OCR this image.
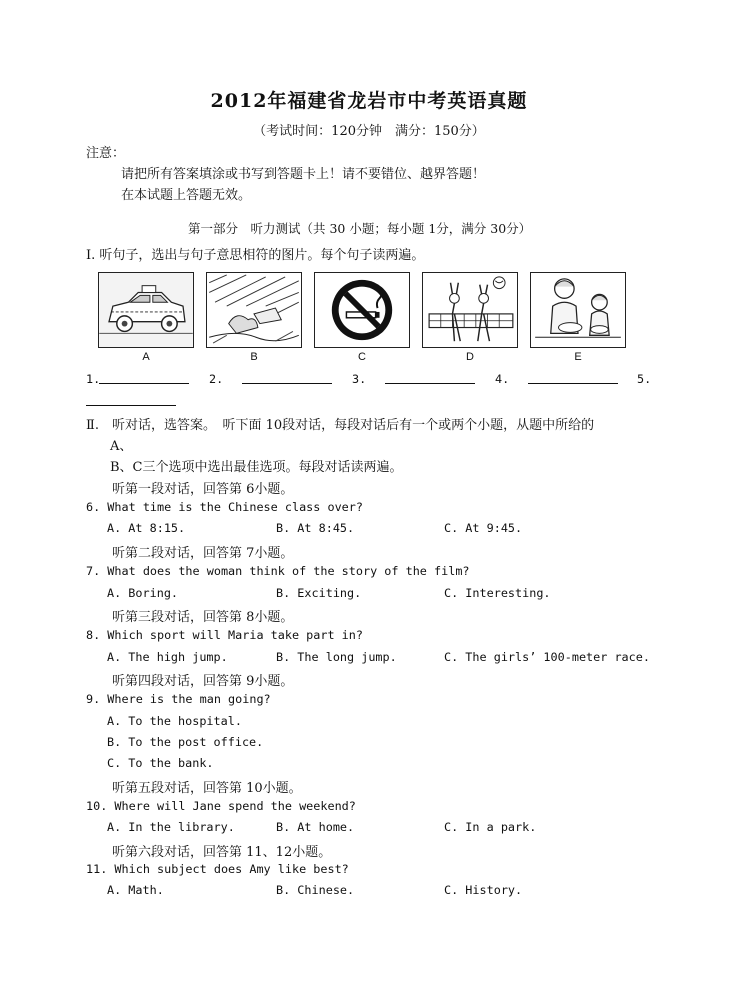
2012年福建省龙岩市中考英语真题
（考试时间：120分钟　满分：150分）
注意：
请把所有答案填涂或书写到答题卡上！请不要错位、越界答题！
在本试题上答题无效。
第一部分　听力测试（共 30 小题；每小题 1分，满分 30分）
Ⅰ. 听句子，选出与句子意思相符的图片。每个句子读两遍。
A	B	C	D	E
1.	2.	3.	4.	5.
Ⅱ.　听对话，选答案。　听下面 10段对话，每段对话后有一个或两个小题，从题中所给的
A、
B、C三个选项中选出最佳选项。每段对话读两遍。
听第一段对话，回答第 6小题。
6. What time is the Chinese class over?
A. At 8:15.	B. At 8:45.	C. At 9:45.
听第二段对话，回答第 7小题。
7. What does the woman think of the story of the film?
A. Boring.	B. Exciting.	C. Interesting.
听第三段对话，回答第 8小题。
8. Which sport will Maria take part in?
A. The high jump.	B. The long jump.	C. The girls’ 100-meter race.
听第四段对话，回答第 9小题。
9. Where is the man going?
A. To the hospital.
B. To the post office.
C. To the bank.
听第五段对话，回答第 10小题。
10. Where will Jane spend the weekend?
A. In the library.	B. At home.	C. In a park.
听第六段对话，回答第 11、12小题。
11. Which subject does Amy like best?
A. Math.	B. Chinese.	C. History.
